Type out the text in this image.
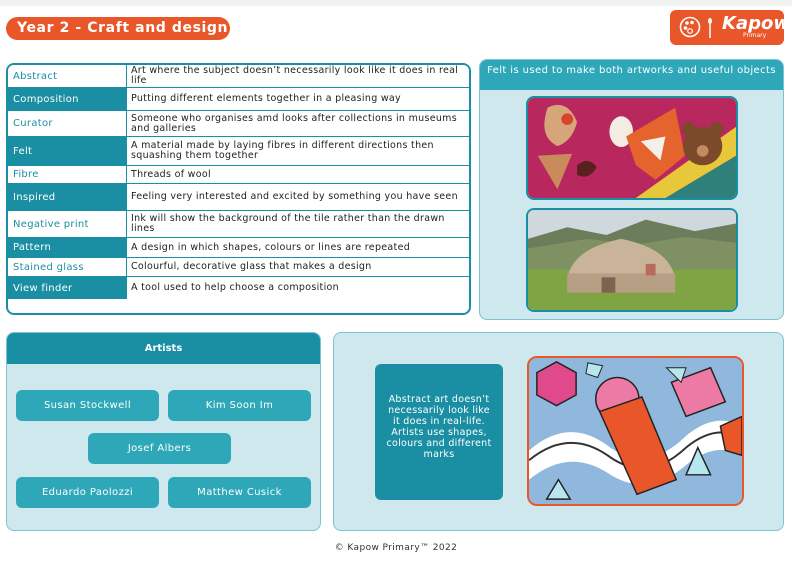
Year 2 - Craft and design	Kapow
Primary
Abstract	Art where the subject doesn’t necessarily look like it does in real life
Composition	Putting different elements together in a pleasing way
Curator	Someone who organises amd looks after collections in museums and galleries
Felt	A material made by laying fibres in different directions then squashing them together
Fibre	Threads of wool
Inspired	Feeling very interested and excited by something you have seen
Negative print	Ink will show the background of the tile rather than the drawn lines
Pattern	A design in which shapes, colours or lines are repeated
Stained glass	Colourful, decorative glass that makes a design
View finder	A tool used to help choose a composition
Felt is used to make both artworks and useful objects
Artists
Susan Stockwell	Kim Soon Im
Josef Albers
Eduardo Paolozzi	Matthew Cusick
Abstract art doesn’t necessarily look like it does in real-life. Artists use shapes, colours and different marks
© Kapow Primary™ 2022
